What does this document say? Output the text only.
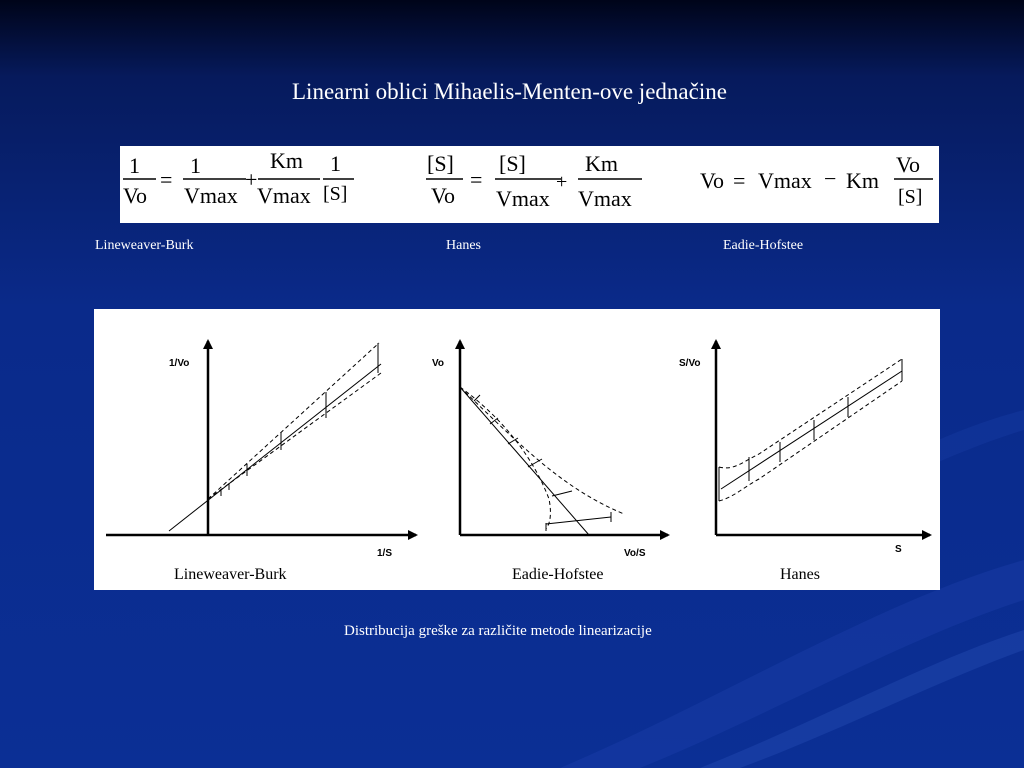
Linearni oblici Mihaelis-Menten-ove jednačine
1
Vo
=
1
Vmax
+
Km
Vmax
1
[S]
[S]
Vo
=
[S]
Vmax
+
Km
Vmax
Vo = Vmax − Km
Vo
[S]
Lineweaver-Burk	Hanes	Eadie-Hofstee
1/Vo
1/S
Lineweaver-Burk
Vo
Vo/S
Eadie-Hofstee
S/Vo
S
Hanes
Distribucija greške za različite metode linearizacije
